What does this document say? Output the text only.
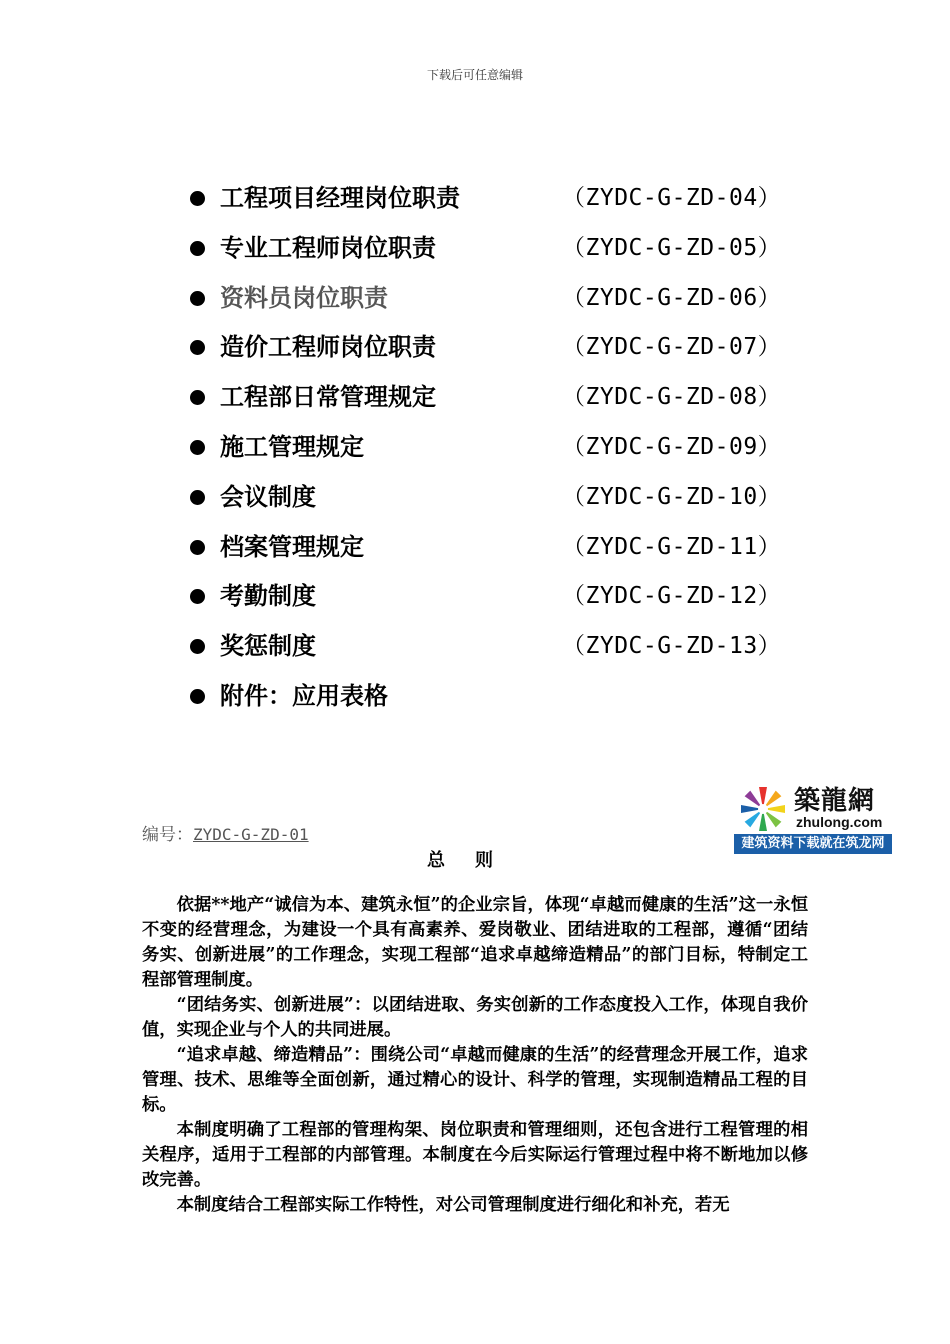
下载后可任意编辑
工程项目经理岗位职责	（ZYDC-G-ZD-04）
专业工程师岗位职责	（ZYDC-G-ZD-05）
资料员岗位职责	（ZYDC-G-ZD-06）
造价工程师岗位职责	（ZYDC-G-ZD-07）
工程部日常管理规定	（ZYDC-G-ZD-08）
施工管理规定	（ZYDC-G-ZD-09）
会议制度	（ZYDC-G-ZD-10）
档案管理规定	（ZYDC-G-ZD-11）
考勤制度	（ZYDC-G-ZD-12）
奖惩制度	（ZYDC-G-ZD-13）
附件：应用表格
築龍網
zhulong.com
建筑资料下载就在筑龙网
编号：ZYDC-G-ZD-01
总则

依据**地产“诚信为本、建筑永恒”的企业宗旨，体现“卓越而健康的生活”这一永恒不变的经营理念，为建设一个具有高素养、爱岗敬业、团结进取的工程部，遵循“团结务实、创新进展”的工作理念，实现工程部“追求卓越缔造精品”的部门目标，特制定工程部管理制度。

“团结务实、创新进展”：以团结进取、务实创新的工作态度投入工作，体现自我价值，实现企业与个人的共同进展。

“追求卓越、缔造精品”：围绕公司“卓越而健康的生活”的经营理念开展工作，追求管理、技术、思维等全面创新，通过精心的设计、科学的管理，实现制造精品工程的目标。

本制度明确了工程部的管理构架、岗位职责和管理细则，还包含进行工程管理的相关程序，适用于工程部的内部管理。本制度在今后实际运行管理过程中将不断地加以修改完善。

本制度结合工程部实际工作特性，对公司管理制度进行细化和补充，若无
